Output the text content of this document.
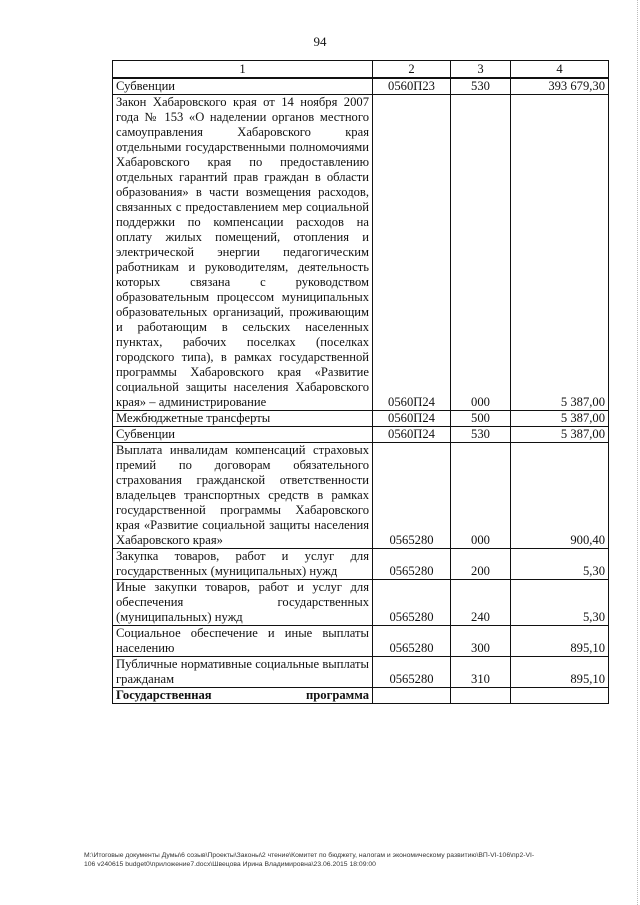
94
1	2	3	4
Субвенции	0560П23	530	393 679,30
Закон Хабаровского края от 14 ноября 2007 года № 153 «О наделении органов местного самоуправления Хабаровского края отдельными государственными полномочиями Хабаровского края по предоставлению отдельных гарантий прав граждан в области образования» в части возмещения расходов, связанных с предоставлением мер социальной поддержки по компенсации расходов на оплату жилых помещений, отопления и электрической энергии педагогическим работникам и руководителям, деятельность которых связана с руководством образовательным процессом муниципальных образовательных организаций, проживающим и работающим в сельских населенных пунктах, рабочих поселках (поселках городского типа), в рамках государственной программы Хабаровского края «Развитие социальной защиты населения Хабаровского края» – администрирование	0560П24	000	5 387,00
Межбюджетные трансферты	0560П24	500	5 387,00
Субвенции	0560П24	530	5 387,00
Выплата инвалидам компенсаций страховых премий по договорам обязательного страхования гражданской ответственности владельцев транспортных средств в рамках государственной программы Хабаровского края «Развитие социальной защиты населения Хабаровского края»	0565280	000	900,40
Закупка товаров, работ и услуг для государственных (муниципальных) нужд	0565280	200	5,30
Иные закупки товаров, работ и услуг для обеспечения государственных (муниципальных) нужд	0565280	240	5,30
Социальное обеспечение и иные выплаты населению	0565280	300	895,10
Публичные нормативные социальные выплаты гражданам	0565280	310	895,10
Государственная программа			
M:\Итоговые документы Думы\6 созыв\Проекты\Законы\2 чтение\Комитет по бюджету, налогам и экономическому развитию\ВП-VI-106\пр2-VI-
106 v240615 budget0\приложение7.docx\Швецова Ирина Владимировна\23.06.2015 18:09:00
